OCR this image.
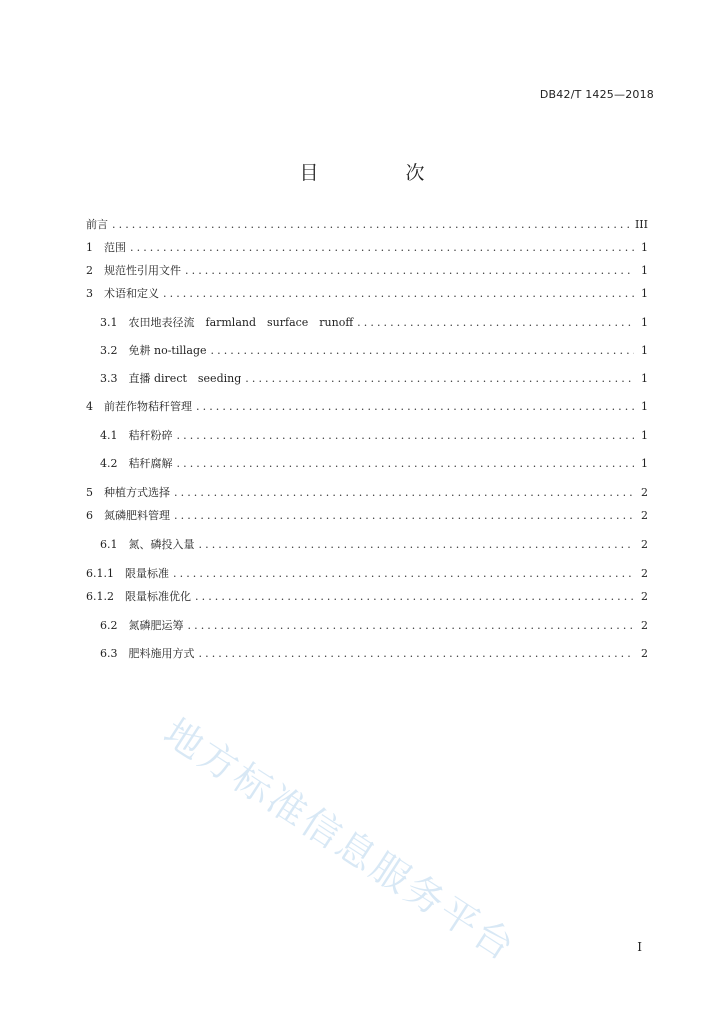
DB42/T 1425—2018
目　次
前言 .....	III
1　范围 .....	1
2　规范性引用文件 .....	1
3　术语和定义 .....	1
3.1　农田地表径流　farmland　surface　runoff .....	1
3.2　免耕 no-tillage .....	1
3.3　直播 direct　seeding .....	1
4　前茬作物秸秆管理 .....	1
4.1　秸秆粉碎 .....	1
4.2　秸秆腐解 .....	1
5　种植方式选择 .....	2
6　氮磷肥料管理 .....	2
6.1　氮、磷投入量 .....	2
6.1.1　限量标准 .....	2
6.1.2　限量标准优化 .....	2
6.2　氮磷肥运筹 .....	2
6.3　肥料施用方式 .....	2
地方标准信息服务平台	I
